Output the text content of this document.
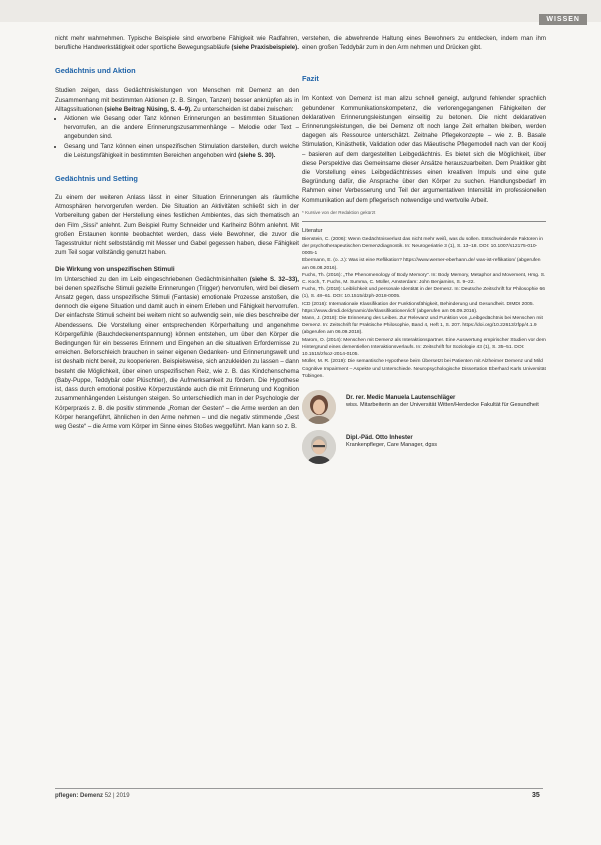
WISSEN

nicht mehr wahrnehmen. Typische Beispiele sind erworbene Fähigkeit wie Radfahren, berufliche Handwerkstätigkeit oder sportliche Bewegungsabläufe (siehe Praxisbeispiele).

Gedächtnis und Aktion

Studien zeigen, dass Gedächtnisleistungen von Menschen mit Demenz an den Zusammenhang mit bestimmten Aktionen (z. B. Singen, Tanzen) besser anknüpfen als in Alltagssituationen (siehe Beitrag Nüsing, S. 4–9). Zu unterscheiden ist dabei zwischen:

• Aktionen wie Gesang oder Tanz können Erinnerungen an bestimmten Situationen hervorrufen, an die andere Erinnerungszusammenhänge – Melodie oder Text – angebunden sind.
• Gesang und Tanz können einen unspezifischen Stimulation darstellen, durch welche die Leistungsfähigkeit in bestimmten Bereichen angehoben wird (siehe S. 30).
Gedächtnis und Setting

Zu einem der weiteren Anlass lässt in einer Situation Erinnerungen als räumliche Atmosphären hervorgerufen werden. Die Situation an Aktivitäten schließt sich in der Vorbereitung gaben der Herstellung eines festlichen Ambientes, das sich thematisch an den Film „Sissi“ anlehnt. Zum Beispiel Rumy Schneider und Karlheinz Böhm anlehnt. Mit großen Erstaunen konnte beobachtet werden, dass viele Bewohner, die zuvor die Tagesstruktur nicht selbstständig mit Messer und Gabel gegessen haben, diese Fähigkeit zum Teil sogar vollständig genutzt haben.

Die Wirkung von unspezifischen Stimuli

Im Unterschied zu den im Leib eingeschriebenen Gedächtnisinhalten (siehe S. 32–33), bei denen spezifische Stimuli gezielte Erinnerungen (Trigger) hervorrufen, wird bei diesem Ansatz gegen, dass unspezifische Stimuli (Fantasie) emotionale Prozesse anstoßen, die dennoch die eigene Situation und damit auch in einem Erleben und Fähigkeit hervorrufen. Der einfachste Stimuli scheint bei weitem nicht so aufwendig sein, wie dies beschreibe der Abendessens. Die Vorstellung einer entsprechenden Körperhaltung und angenehme Körpergefühle (Bauchdeckenentspannung) können entstehen, um über den Körper die Bedingungen für ein besseres Erinnern und Eingehen an die situativen Erfordernisse zu erreichen. Beforschleich brauchen in seiner eigenen Gedanken- und Erinnerungswelt und ist deshalb nicht bereit, zu kooperieren. Beispielsweise, sich anzukleiden zu lassen – dann besteht die Möglichkeit, über einen unspezifischen Reiz, wie z. B. das Kindchenschema (Baby-Puppe, Teddybär oder Plüschtier), die Aufmerksamkeit zu fördern. Die Hypothese ist, dass durch emotional positive Körperzustände auch die mit Erinnerung und Kognition zusammenhängenden Leistungen steigen. So unterschiedlich man in der Psychologie der Körperpraxis z. B. die positiv stimmende „Roman der Gesten“ – die Arme werden an den Körper herangeführt, ähnlichen in den Arme nehmen – und die negativ stimmende „Gest weg Geste“ – die Arme vom Körper im Sinne eines Stoßes weggeführt. Man kann so z. B.

verstehen, die abwehrende Haltung eines Bewohners zu entdecken, indem man ihm einen großen Teddybär zum in den Arm nehmen und Drücken gibt.

Fazit

Im Kontext von Demenz ist man allzu schnell geneigt, aufgrund fehlender sprachlich gebundener Kommunikationskompetenz, die verlorengegangenen Fähigkeiten der deklarativen Erinnerungsleistungen einseitig zu betonen. Die nicht deklarativen Erinnerungsleistungen, die bei Demenz oft noch lange Zeit erhalten bleiben, werden dagegen als Ressource unterschätzt. Zeitnahe Pflegekonzepte – wie z. B. Basale Stimulation, Kinästhetik, Validation oder das Mäeutische Pflegemodell nach van der Kooij – basieren auf dem dargestellten Leibgedächtnis. Es bietet sich die Möglichkeit, über diese Perspektive das Gemeinsame dieser Ansätze herauszuarbeiten. Dem Praktiker gibt die Vorstellung eines Leibgedächtnisses einen kreativen Impuls und eine gute Begründung dafür, die Ansprache über den Körper zu suchen. Handlungsbedarf im Rahmen einer Verbesserung und Teil der argumentativen Intensität im professionellen Kommunikation auf dem pflegerisch notwendige und wertvolle Arbeit.

* Kursive von der Redaktion gekürzt
Literatur

Bienstein, C. (2006): Wenn Gedächtnisverlust das nicht mehr weiß, was du sollen. Entschwindende Faktoren in der psychotherapeutischen Demenzdiagnostik. In: Neurogeriatrie 3 (1), S. 13–18. DOI: 10.1007/s12175-010-0005-1

Ebermann, E. (o. J.): Was ist eine Reflikation? https://www.werner-eberhann.de/ was-ist-reflikation/ (abgerufen am 06.08.2016).

Fuchs, Th. (2016): „The Phenomenology of Body Memory“. In: Body Memory, Metaphor and Movement, Hrsg. S. C. Koch, T. Fuchs, M. Summa, C. Müller, Amsterdam: John Benjamins, S. 9–22.

Fuchs, Th. (2018): Leiblichkeit und personale Identität in der Demenz. In: Deutsche Zeitschrift für Philosophie 66 (1), S. 48–61. DOI: 10.1515/dzph-2018-0005.

ICD (2016): Internationale Klassifikation der Funktionsfähigkeit, Behinderung und Gesundheit. DIMDI 2005. https://www.dimdi.de/dynamic/de/klassifikationen/icf/ (abgerufen am 06.09.2016).

Mann, J. (2018): Die Erinnerung des Leibes. Zur Relevanz und Funktion von „Leibgedächtnis bei Menschen mit Demenz. In: Zeitschrift für Praktische Philosophie, Band 4, Heft 1, S. 207. https://doi.org/10.22613/zfpp/4.1.9 (abgerufen am 06.09.2018).

Marom, O. (2014): Menschen mit Demenz als Interaktionspartner. Eine Auswertung empirischer Studien vor dem Hintergrund eines dementiellen Interaktionsverlaufs. In: Zeitschrift für Soziologie 43 (1), S. 35–51. DOI: 10.1515/zfsoz-2014-0105.

Müller, M. R. (2019): Die semantische Hypothese beim Übersetzt bei Patienten mit Alzheimer Demenz und Mild Cognitive Impairment – Aspekte und Unterschiede. Neuropsychologische Dissertation Eberhard Karls Universität Tübingen.

Dr. rer. Medic Manuela Lautenschläger
wiss. Mitarbeiterin an der Universität Witten/Herdecke Fakultät für Gesundheit
Dipl.-Päd. Otto Inhester
Krankenpfleger, Care Manager, dgss
pflegen: Demenz 52 | 2019	35
